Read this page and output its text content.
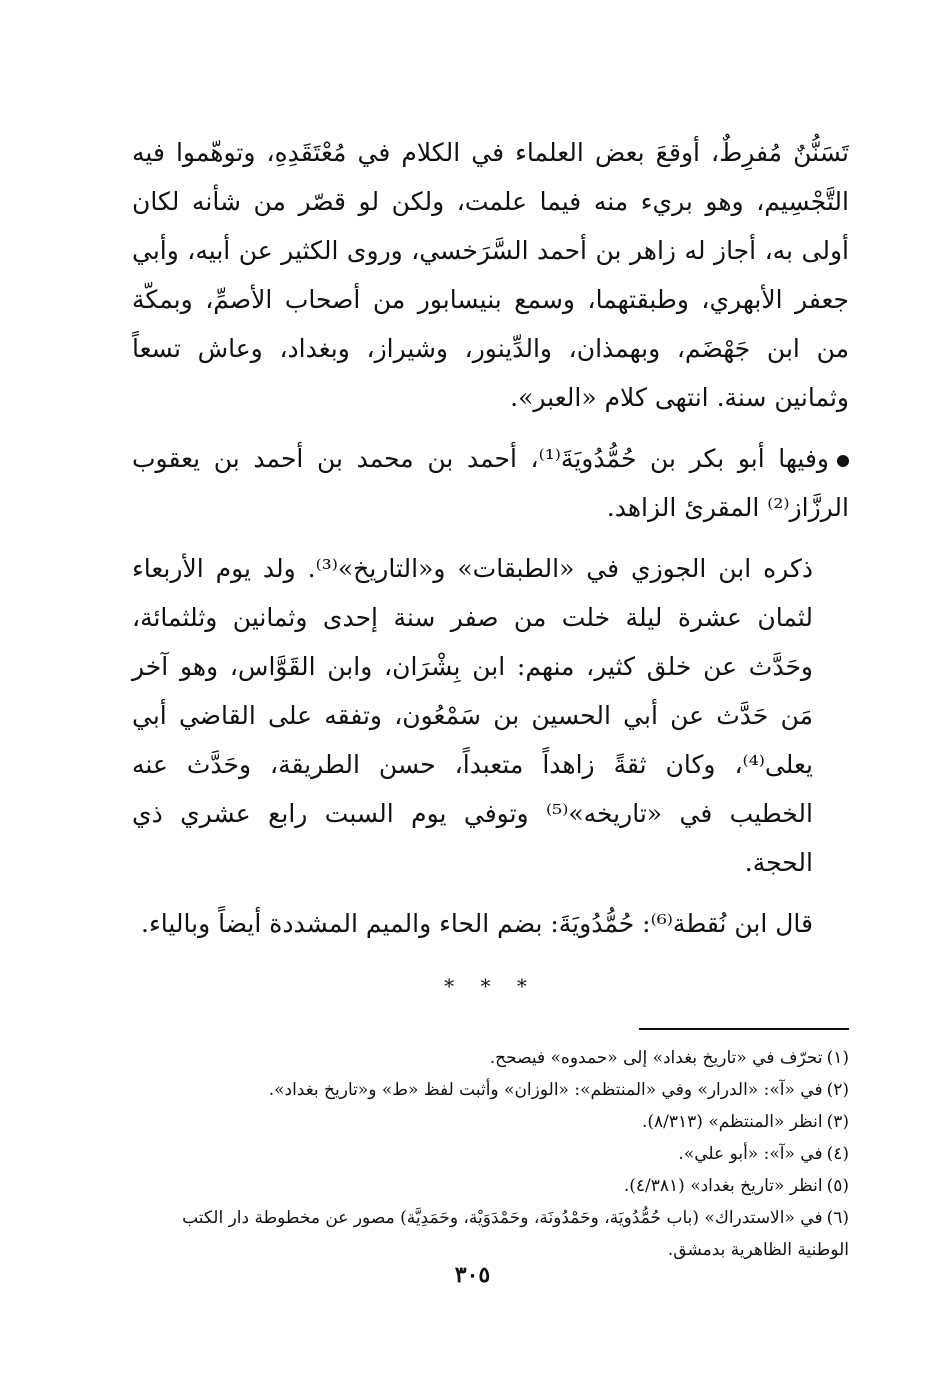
تَسَنُّنٌ مُفرِطٌ، أوقعَ بعض العلماء في الكلام في مُعْتَقَدِهِ، وتوهّموا فيه التَّجْسِيم، وهو بريء منه فيما علمت، ولكن لو قصّر من شأنه لكان أولى به، أجاز له زاهر بن أحمد السَّرَخسي، وروى الكثير عن أبيه، وأبي جعفر الأبهري، وطبقتهما، وسمع بنيسابور من أصحاب الأصمِّ، وبمكّة من ابن جَهْضَم، وبهمذان، والدِّينور، وشيراز، وبغداد، وعاش تسعاً وثمانين سنة. انتهى كلام «العبر».

وفيها أبو بكر بن حُمُّدُويَةَ⁽¹⁾، أحمد بن محمد بن أحمد بن يعقوب الرزَّاز⁽²⁾ المقرئ الزاهد.

ذكره ابن الجوزي في «الطبقات» و«التاريخ»⁽³⁾. ولد يوم الأربعاء لثمان عشرة ليلة خلت من صفر سنة إحدى وثمانين وثلثمائة، وحَدَّث عن خلق كثير، منهم: ابن بِشْرَان، وابن القَوَّاس، وهو آخر مَن حَدَّث عن أبي الحسين بن سَمْعُون، وتفقه على القاضي أبي يعلى⁽⁴⁾، وكان ثقةً زاهداً متعبداً، حسن الطريقة، وحَدَّث عنه الخطيب في «تاريخه»⁽⁵⁾ وتوفي يوم السبت رابع عشري ذي الحجة.

قال ابن نُقطة⁽⁶⁾: حُمُّدُويَةَ: بضم الحاء والميم المشددة أيضاً وبالياء.

* * *

(١)تحرّف في «تاريخ بغداد» إلى «حمدوه» فيصحح.

(٢)في «آ»: «الدرار» وفي «المنتظم»: «الوزان» وأثبت لفظ «ط» و«تاريخ بغداد».

(٣)انظر «المنتظم» (٨/٣١٣).

(٤)في «آ»: «أبو علي».

(٥)انظر «تاريخ بغداد» (٤/٣٨١).

(٦)في «الاستدراك» (باب حُمُّدُويَة، وحَمْدُونَة، وحَمْدَوَيْة، وحَمَدِيَّة) مصور عن مخطوطة دار الكتب الوطنية الظاهرية بدمشق.

٣٠٥
